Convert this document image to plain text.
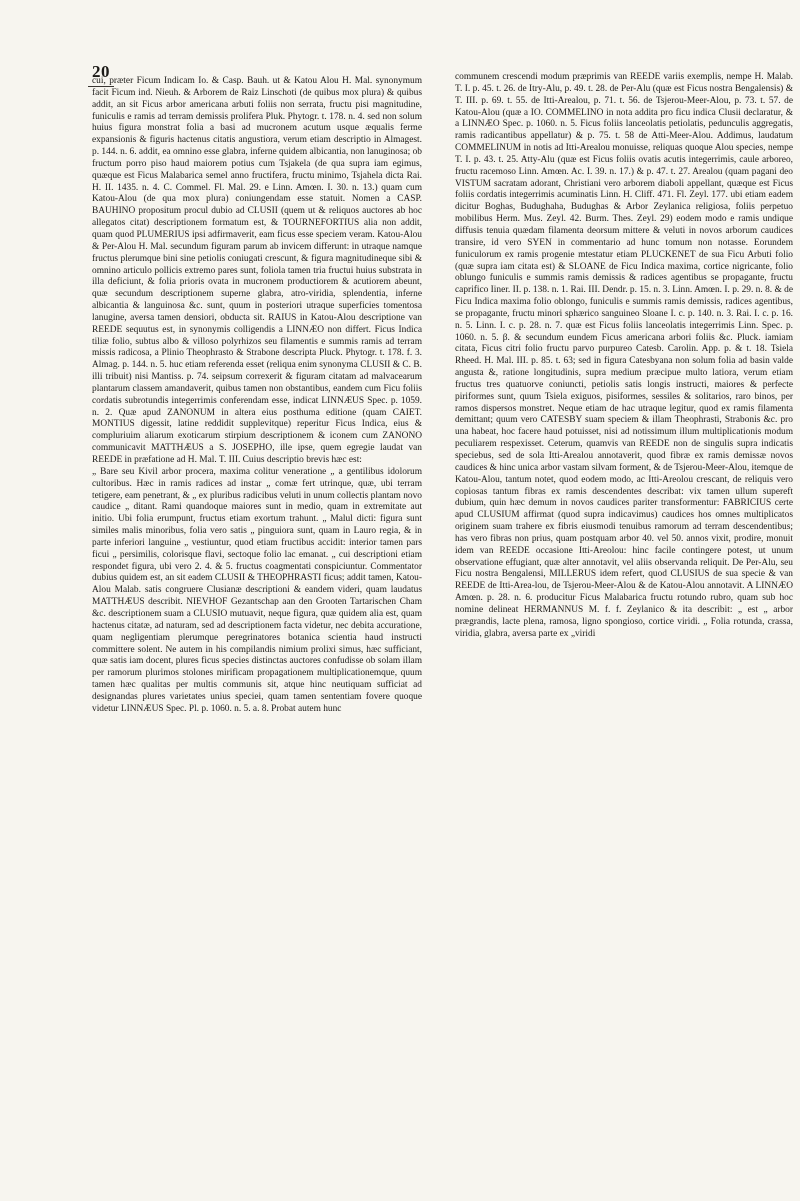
20

cui, præter Ficum Indicam Io. & Casp. Bauh. ut & Katou Alou H. Mal. synonymum facit Ficum ind. Nieuh. & Arborem de Raiz Linschoti (de quibus mox plura) & quibus addit, an sit Ficus arbor americana arbuti foliis non serrata, fructu pisi magnitudine, funiculis e ramis ad terram demissis prolifera Pluk. Phytogr. t. 178. n. 4. sed non solum huius figura monstrat folia a basi ad mucronem acutum usque æqualis ferme expansionis & figuris hactenus citatis angustiora, verum etiam descriptio in Almagest. p. 144. n. 6. addit, ea omnino esse glabra, inferne quidem albicantia, non lanuginosa; ob fructum porro piso haud maiorem potius cum Tsjakela (de qua supra iam egimus, quæque est Ficus Malabarica semel anno fructifera, fructu minimo, Tsjahela dicta Rai. H. II. 1435. n. 4. C. Commel. Fl. Mal. 29. e Linn. Amœn. I. 30. n. 13.) quam cum Katou-Alou (de qua mox plura) coniungendam esse statuit. Nomen a CASP. BAUHINO propositum procul dubio ad CLUSII (quem ut & reliquos auctores ab hoc allegatos citat) descriptionem formatum est, & TOURNEFORTIUS alia non addit, quam quod PLUMERIUS ipsi adfirmaverit, eam ficus esse speciem veram. Katou-Alou & Per-Alou H. Mal. secundum figuram parum ab invicem differunt: in utraque namque fructus plerumque bini sine petiolis coniugati crescunt, & figura magnitudineque sibi & omnino articulo pollicis extremo pares sunt, foliola tamen tria fructui huius substrata in illa deficiunt, & folia prioris ovata in mucronem productiorem & acutiorem abeunt, quæ secundum descriptionem superne glabra, atro-viridia, splendentia, inferne albicantia & languinosa &c. sunt, quum in posteriori utraque superficies tomentosa lanugine, aversa tamen densiori, obducta sit. RAIUS in Katou-Alou descriptione van REEDE sequutus est, in synonymis colligendis a LINNÆO non differt. Ficus Indica tiliæ folio, subtus albo & villoso polyrhizos seu filamentis e summis ramis ad terram missis radicosa, a Plinio Theophrasto & Strabone descripta Pluck. Phytogr. t. 178. f. 3. Almag. p. 144. n. 5. huc etiam referenda esset (reliqua enim synonyma CLUSII & C. B. illi tribuit) nisi Mantiss. p. 74. seipsum correxerit & figuram citatam ad malvacearum plantarum classem amandaverit, quibus tamen non obstantibus, eandem cum Ficu foliis cordatis subrotundis integerrimis conferendam esse, indicat LINNÆUS Spec. p. 1059. n. 2. Quæ apud ZANONUM in altera eius posthuma editione (quam CAIET. MONTIUS digessit, latine reddidit supplevitque) reperitur Ficus Indica, eius & compluriuim aliarum exoticarum stirpium descriptionem & iconem cum ZANONO communicavit MATTHÆUS a S. JOSEPHO, ille ipse, quem egregie laudat van REEDE in præfatione ad H. Mal. T. III. Cuius descriptio brevis hæc est:

„ Bare seu Kivil arbor procera, maxima colitur veneratione „ a gentilibus idolorum cultoribus. Hæc in ramis radices ad instar „ comæ fert utrinque, quæ, ubi terram tetigere, eam penetrant, & „ ex pluribus radicibus veluti in unum collectis plantam novo caudice „ ditant. Rami quandoque maiores sunt in medio, quam in extremitate aut initio. Ubi folia erumpunt, fructus etiam exortum trahunt. „ Malul dicti: figura sunt similes malis minoribus, folia vero satis „ pinguiora sunt, quam in Lauro regia, & in parte inferiori languine „ vestiuntur, quod etiam fructibus accidit: interior tamen pars ficui „ persimilis, colorisque flavi, sectoque folio lac emanat. „ cui descriptioni etiam respondet figura, ubi vero 2. 4. & 5. fructus coagmentati conspiciuntur. Commentator dubius quidem est, an sit eadem CLUSII & THEOPHRASTI ficus; addit tamen, Katou-Alou Malab. satis congruere Clusianæ descriptioni & eandem videri, quam laudatus MATTHÆUS describit. NIEVHOF Gezantschap aan den Grooten Tartarischen Cham &c. descriptionem suam a CLUSIO mutuavit, neque figura, quæ quidem alia est, quam hactenus citatæ, ad naturam, sed ad descriptionem facta videtur, nec debita accuratione, quam negligentiam plerumque peregrinatores botanica scientia haud instructi committere solent. Ne autem in his compilandis nimium prolixi simus, hæc sufficiant, quæ satis iam docent, plures ficus species distinctas auctores confudisse ob solam illam per ramorum plurimos stolones mirificam propagationem multiplicationemque, quum tamen hæc qualitas per multis communis sit, atque hinc neutiquam sufficiat ad designandas plures varietates unius speciei, quam tamen sententiam fovere quoque videtur LINNÆUS Spec. Pl. p. 1060. n. 5. a. 8. Probat autem hunc

communem crescendi modum præprimis van REEDE variis exemplis, nempe H. Malab. T. I. p. 45. t. 26. de Itry-Alu, p. 49. t. 28. de Per-Alu (quæ est Ficus nostra Bengalensis) & T. III. p. 69. t. 55. de Itti-Arealou, p. 71. t. 56. de Tsjerou-Meer-Alou, p. 73. t. 57. de Katou-Alou (quæ a IO. COMMELINO in nota addita pro ficu indica Clusii declaratur, & a LINNÆO Spec. p. 1060. n. 5. Ficus foliis lanceolatis petiolatis, pedunculis aggregatis, ramis radicantibus appellatur) & p. 75. t. 58 de Atti-Meer-Alou. Addimus, laudatum COMMELINUM in notis ad Itti-Arealou monuisse, reliquas quoque Alou species, nempe T. I. p. 43. t. 25. Atty-Alu (quæ est Ficus foliis ovatis acutis integerrimis, caule arboreo, fructu racemoso Linn. Amœn. Ac. I. 39. n. 17.) & p. 47. t. 27. Arealou (quam pagani deo VISTUM sacratam adorant, Christiani vero arborem diaboli appellant, quæque est Ficus foliis cordatis integerrimis acuminatis Linn. H. Cliff. 471. Fl. Zeyl. 177. ubi etiam eadem dicitur Boghas, Budughaha, Budughas & Arbor Zeylanica religiosa, foliis perpetuo mobilibus Herm. Mus. Zeyl. 42. Burm. Thes. Zeyl. 29) eodem modo e ramis undique diffusis tenuia quædam filamenta deorsum mittere & veluti in novos arborum caudices transire, id vero SYEN in commentario ad hunc tomum non notasse. Eorundem funiculorum ex ramis progenie mtestatur etiam PLUCKENET de sua Ficu Arbuti folio (quæ supra iam citata est) & SLOANE de Ficu Indica maxima, cortice nigricante, folio oblungo funiculis e summis ramis demissis & radices agentibus se propagante, fructu caprifico Iiner. II. p. 138. n. 1. Rai. III. Dendr. p. 15. n. 3. Linn. Amœn. I. p. 29. n. 8. & de Ficu Indica maxima folio oblongo, funiculis e summis ramis demissis, radices agentibus, se propagante, fructu minori sphærico sanguineo Sloane I. c. p. 140. n. 3. Rai. I. c. p. 16. n. 5. Linn. I. c. p. 28. n. 7. quæ est Ficus foliis lanceolatis integerrimis Linn. Spec. p. 1060. n. 5. β. & secundum eundem Ficus americana arbori foliis &c. Pluck. iamiam citata, Ficus citri folio fructu parvo purpureo Catesb. Carolin. App. p. & t. 18. Tsiela Rheed. H. Mal. III. p. 85. t. 63; sed in figura Catesbyana non solum folia ad basin valde angusta &, ratione longitudinis, supra medium præcipue multo latiora, verum etiam fructus tres quatuorve coniuncti, petiolis satis longis instructi, maiores & perfecte piriformes sunt, quum Tsiela exiguos, pisiformes, sessiles & solitarios, raro binos, per ramos dispersos monstret. Neque etiam de hac utraque legitur, quod ex ramis filamenta demittant; quum vero CATESBY suam speciem & illam Theophrasti, Strabonis &c. pro una habeat, hoc facere haud potuisset, nisi ad notissimum illum multiplicationis modum peculiarem respexisset. Ceterum, quamvis van REEDE non de singulis supra indicatis speciebus, sed de sola Itti-Arealou annotaverit, quod fibræ ex ramis demissæ novos caudices & hinc unica arbor vastam silvam forment, & de Tsjerou-Meer-Alou, itemque de Katou-Alou, tantum notet, quod eodem modo, ac Itti-Areolou crescant, de reliquis vero copiosas tantum fibras ex ramis descendentes describat: vix tamen ullum supereft dubium, quin hæc demum in novos caudices pariter transformentur: FABRICIUS certe apud CLUSIUM affirmat (quod supra indicavimus) caudices hos omnes multiplicatos originem suam trahere ex fibris eiusmodi tenuibus ramorum ad terram descendentibus; has vero fibras non prius, quam postquam arbor 40. vel 50. annos vixit, prodire, monuit idem van REEDE occasione Itti-Areolou: hinc facile contingere potest, ut unum observatione effugiant, quæ alter annotavit, vel aliis observanda reliquit. De Per-Alu, seu Ficu nostra Bengalensi, MILLERUS idem refert, quod CLUSIUS de sua specie & van REEDE de Itti-Area-lou, de Tsjerou-Meer-Alou & de Katou-Alou annotavit. A LINNÆO Amœn. p. 28. n. 6. producitur Ficus Malabarica fructu rotundo rubro, quam sub hoc nomine delineat HERMANNUS M. f. f. Zeylanico & ita describit: „ est „ arbor prægrandis, lacte plena, ramosa, ligno spongioso, cortice viridi. „ Folia rotunda, crassa, viridia, glabra, aversa parte ex „viridi
